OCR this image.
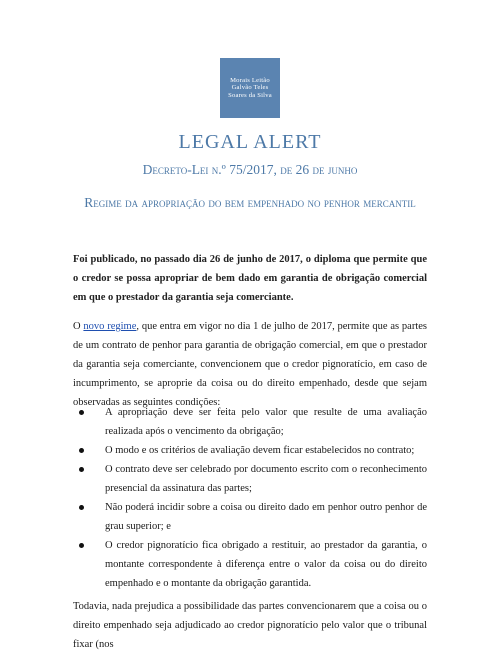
Morais Leitão
Galvão Teles
Soares da Silva
LEGAL ALERT
Decreto-Lei n.º 75/2017, de 26 de junho
Regime da apropriação do bem empenhado no penhor mercantil
Foi publicado, no passado dia 26 de junho de 2017, o diploma que permite que o credor se possa apropriar de bem dado em garantia de obrigação comercial em que o prestador da garantia seja comerciante.
O novo regime, que entra em vigor no dia 1 de julho de 2017, permite que as partes de um contrato de penhor para garantia de obrigação comercial, em que o prestador da garantia seja comerciante, convencionem que o credor pignoratício, em caso de incumprimento, se aproprie da coisa ou do direito empenhado, desde que sejam observadas as seguintes condições:
A apropriação deve ser feita pelo valor que resulte de uma avaliação realizada após o vencimento da obrigação;
O modo e os critérios de avaliação devem ficar estabelecidos no contrato;
O contrato deve ser celebrado por documento escrito com o reconhecimento presencial da assinatura das partes;
Não poderá incidir sobre a coisa ou direito dado em penhor outro penhor de grau superior; e
O credor pignoratício fica obrigado a restituir, ao prestador da garantia, o montante correspondente à diferença entre o valor da coisa ou do direito empenhado e o montante da obrigação garantida.
Todavia, nada prejudica a possibilidade das partes convencionarem que a coisa ou o direito empenhado seja adjudicado ao credor pignoratício pelo valor que o tribunal fixar (nos
